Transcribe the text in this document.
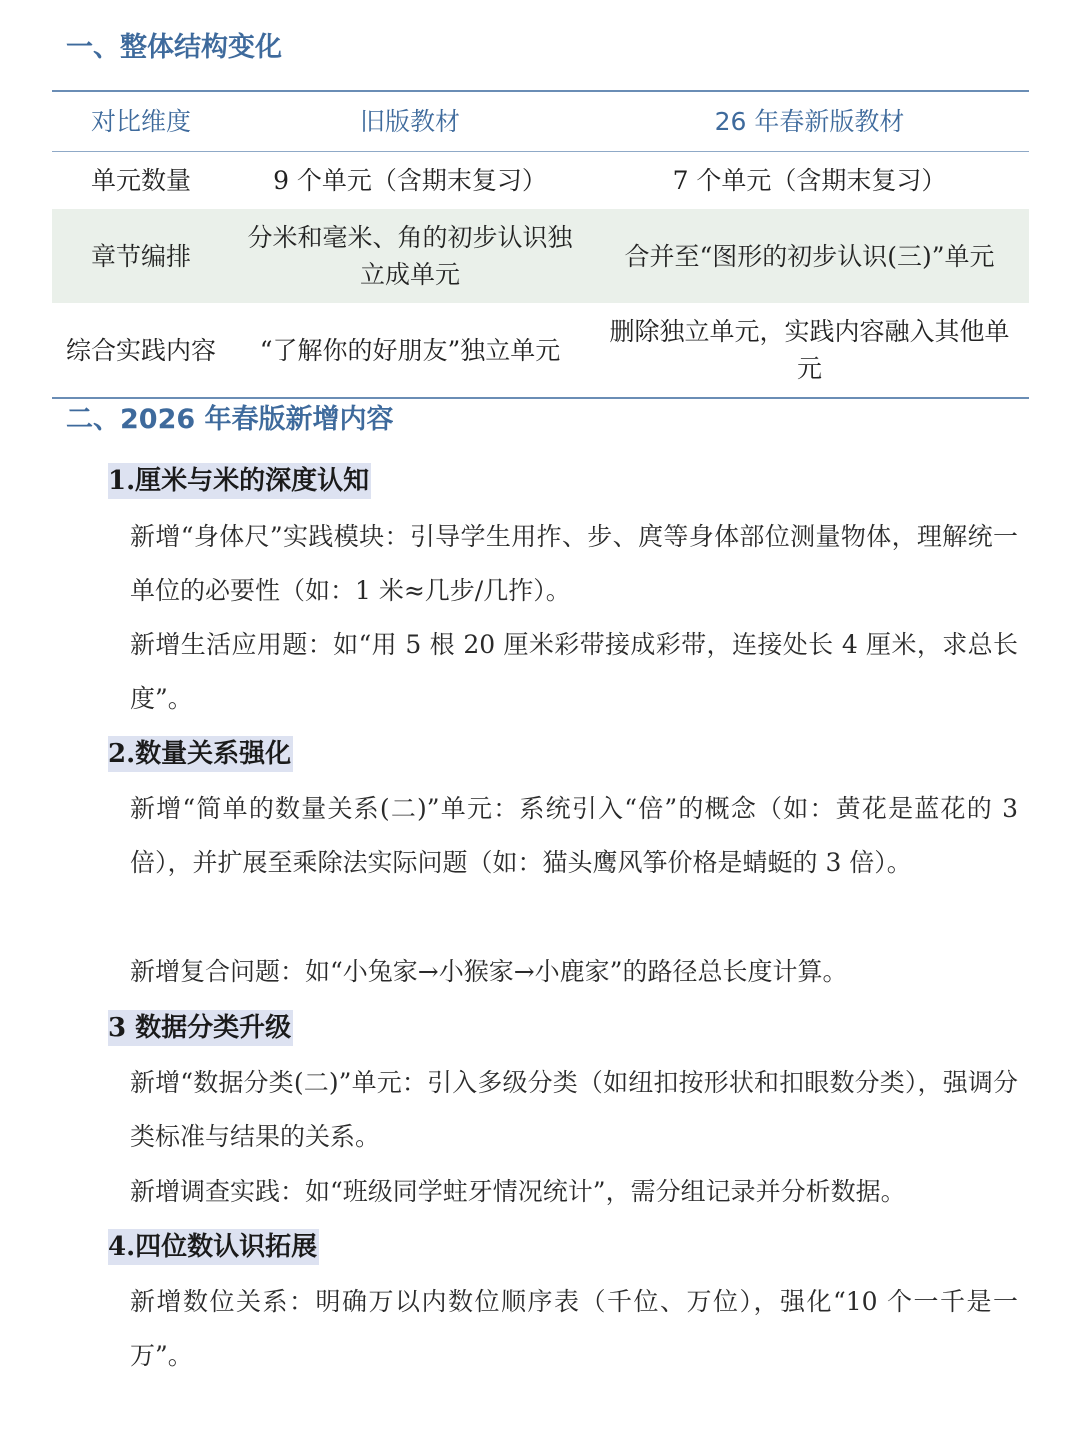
一、整体结构变化
对比维度	旧版教材	26 年春新版教材
单元数量	9 个单元（含期末复习）	7 个单元（含期末复习）
章节编排	分米和毫米、角的初步认识独立成单元	合并至“图形的初步认识(三)”单元
综合实践内容	“了解你的好朋友”独立单元	删除独立单元，实践内容融入其他单元
二、2026 年春版新增内容
1.厘米与米的深度认知
新增“身体尺”实践模块：引导学生用拃、步、庹等身体部位测量物体，理解统一单位的必要性（如：1 米≈几步/几拃）。
新增生活应用题：如“用 5 根 20 厘米彩带接成彩带，连接处长 4 厘米，求总长度”。
2.数量关系强化
新增“简单的数量关系(二)”单元：系统引入“倍”的概念（如：黄花是蓝花的 3 倍），并扩展至乘除法实际问题（如：猫头鹰风筝价格是蜻蜓的 3 倍）。
新增复合问题：如“小兔家→小猴家→小鹿家”的路径总长度计算。
3 数据分类升级
新增“数据分类(二)”单元：引入多级分类（如纽扣按形状和扣眼数分类），强调分类标准与结果的关系。
新增调查实践：如“班级同学蛀牙情况统计”，需分组记录并分析数据。
4.四位数认识拓展
新增数位关系：明确万以内数位顺序表（千位、万位），强化“10 个一千是一万”。
